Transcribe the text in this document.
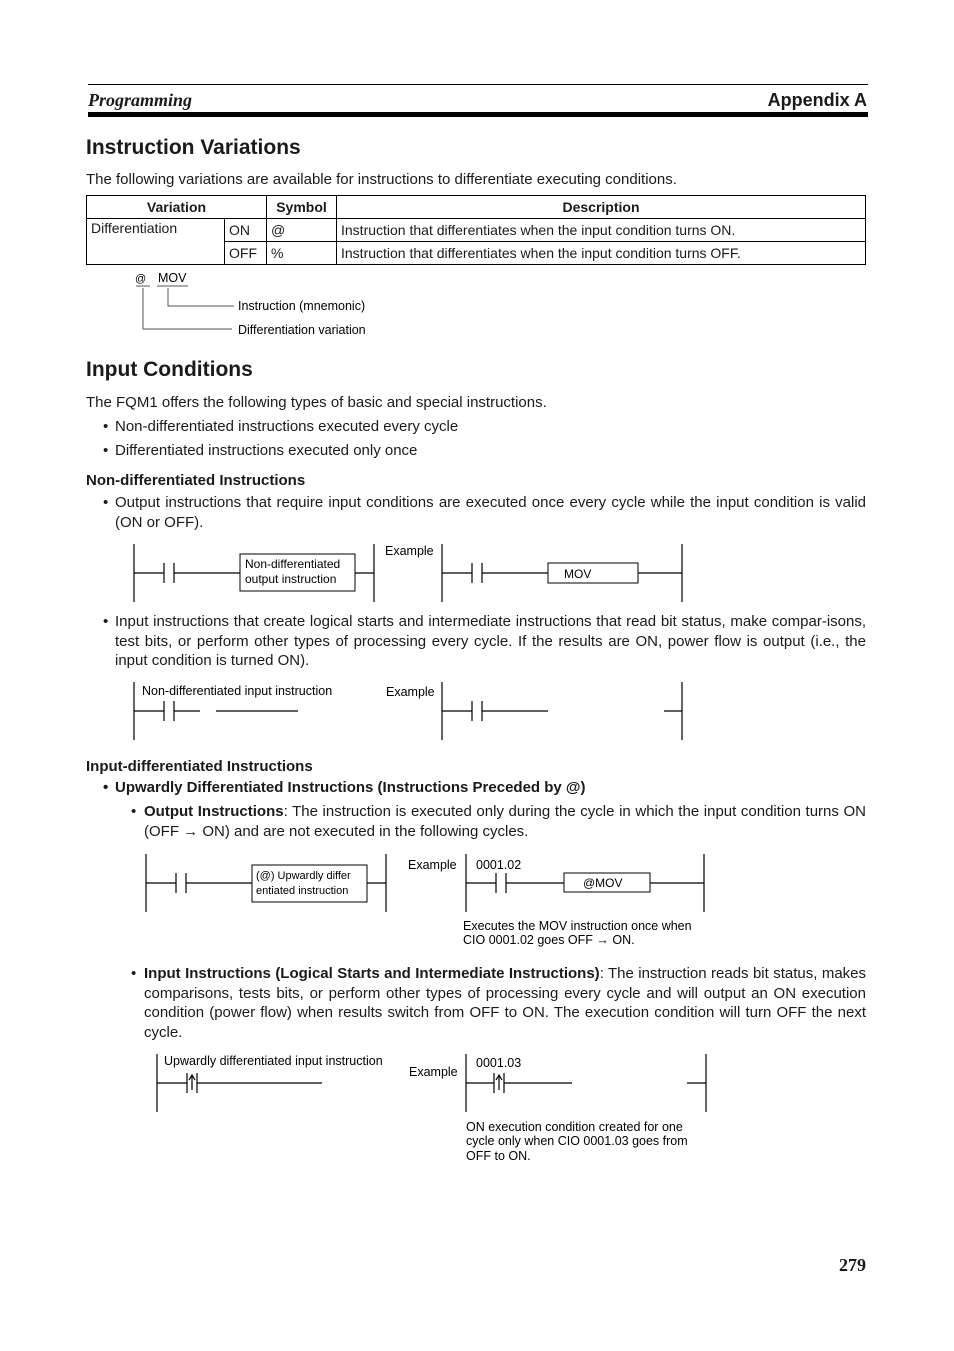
Programming	Appendix A
Instruction Variations
The following variations are available for instructions to differentiate executing conditions.
Variation		Symbol	Description
Differentiation	ON	@	Instruction that differentiates when the input condition turns ON.
	OFF	%	Instruction that differentiates when the input condition turns OFF.
@ MOV
Instruction (mnemonic)
Differentiation variation
Input Conditions
The FQM1 offers the following types of basic and special instructions.
• Non-differentiated instructions executed every cycle
• Differentiated instructions executed only once
Non-differentiated Instructions
• Output instructions that require input conditions are executed once every cycle while the input condition is valid (ON or OFF).
Non-differentiated
output instruction
Example
MOV
• Input instructions that create logical starts and intermediate instructions that read bit status, make compar-isons, test bits, or perform other types of processing every cycle. If the results are ON, power flow is output (i.e., the input condition is turned ON).
Non-differentiated input instruction	Example
Input-differentiated Instructions
• Upwardly Differentiated Instructions (Instructions Preceded by @)
• Output Instructions: The instruction is executed only during the cycle in which the input condition turns ON (OFF → ON) and are not executed in the following cycles.
(@) Upwardly differ
entiated instruction
Example 0001.02
@MOV
Executes the MOV instruction once when
CIO 0001.02 goes OFF → ON.
• Input Instructions (Logical Starts and Intermediate Instructions): The instruction reads bit status, makes comparisons, tests bits, or perform other types of processing every cycle and will output an ON execution condition (power flow) when results switch from OFF to ON. The execution condition will turn OFF the next cycle.
Upwardly differentiated input instruction
Example
0001.03
ON execution condition created for one
cycle only when CIO 0001.03 goes from
OFF to ON.
279
